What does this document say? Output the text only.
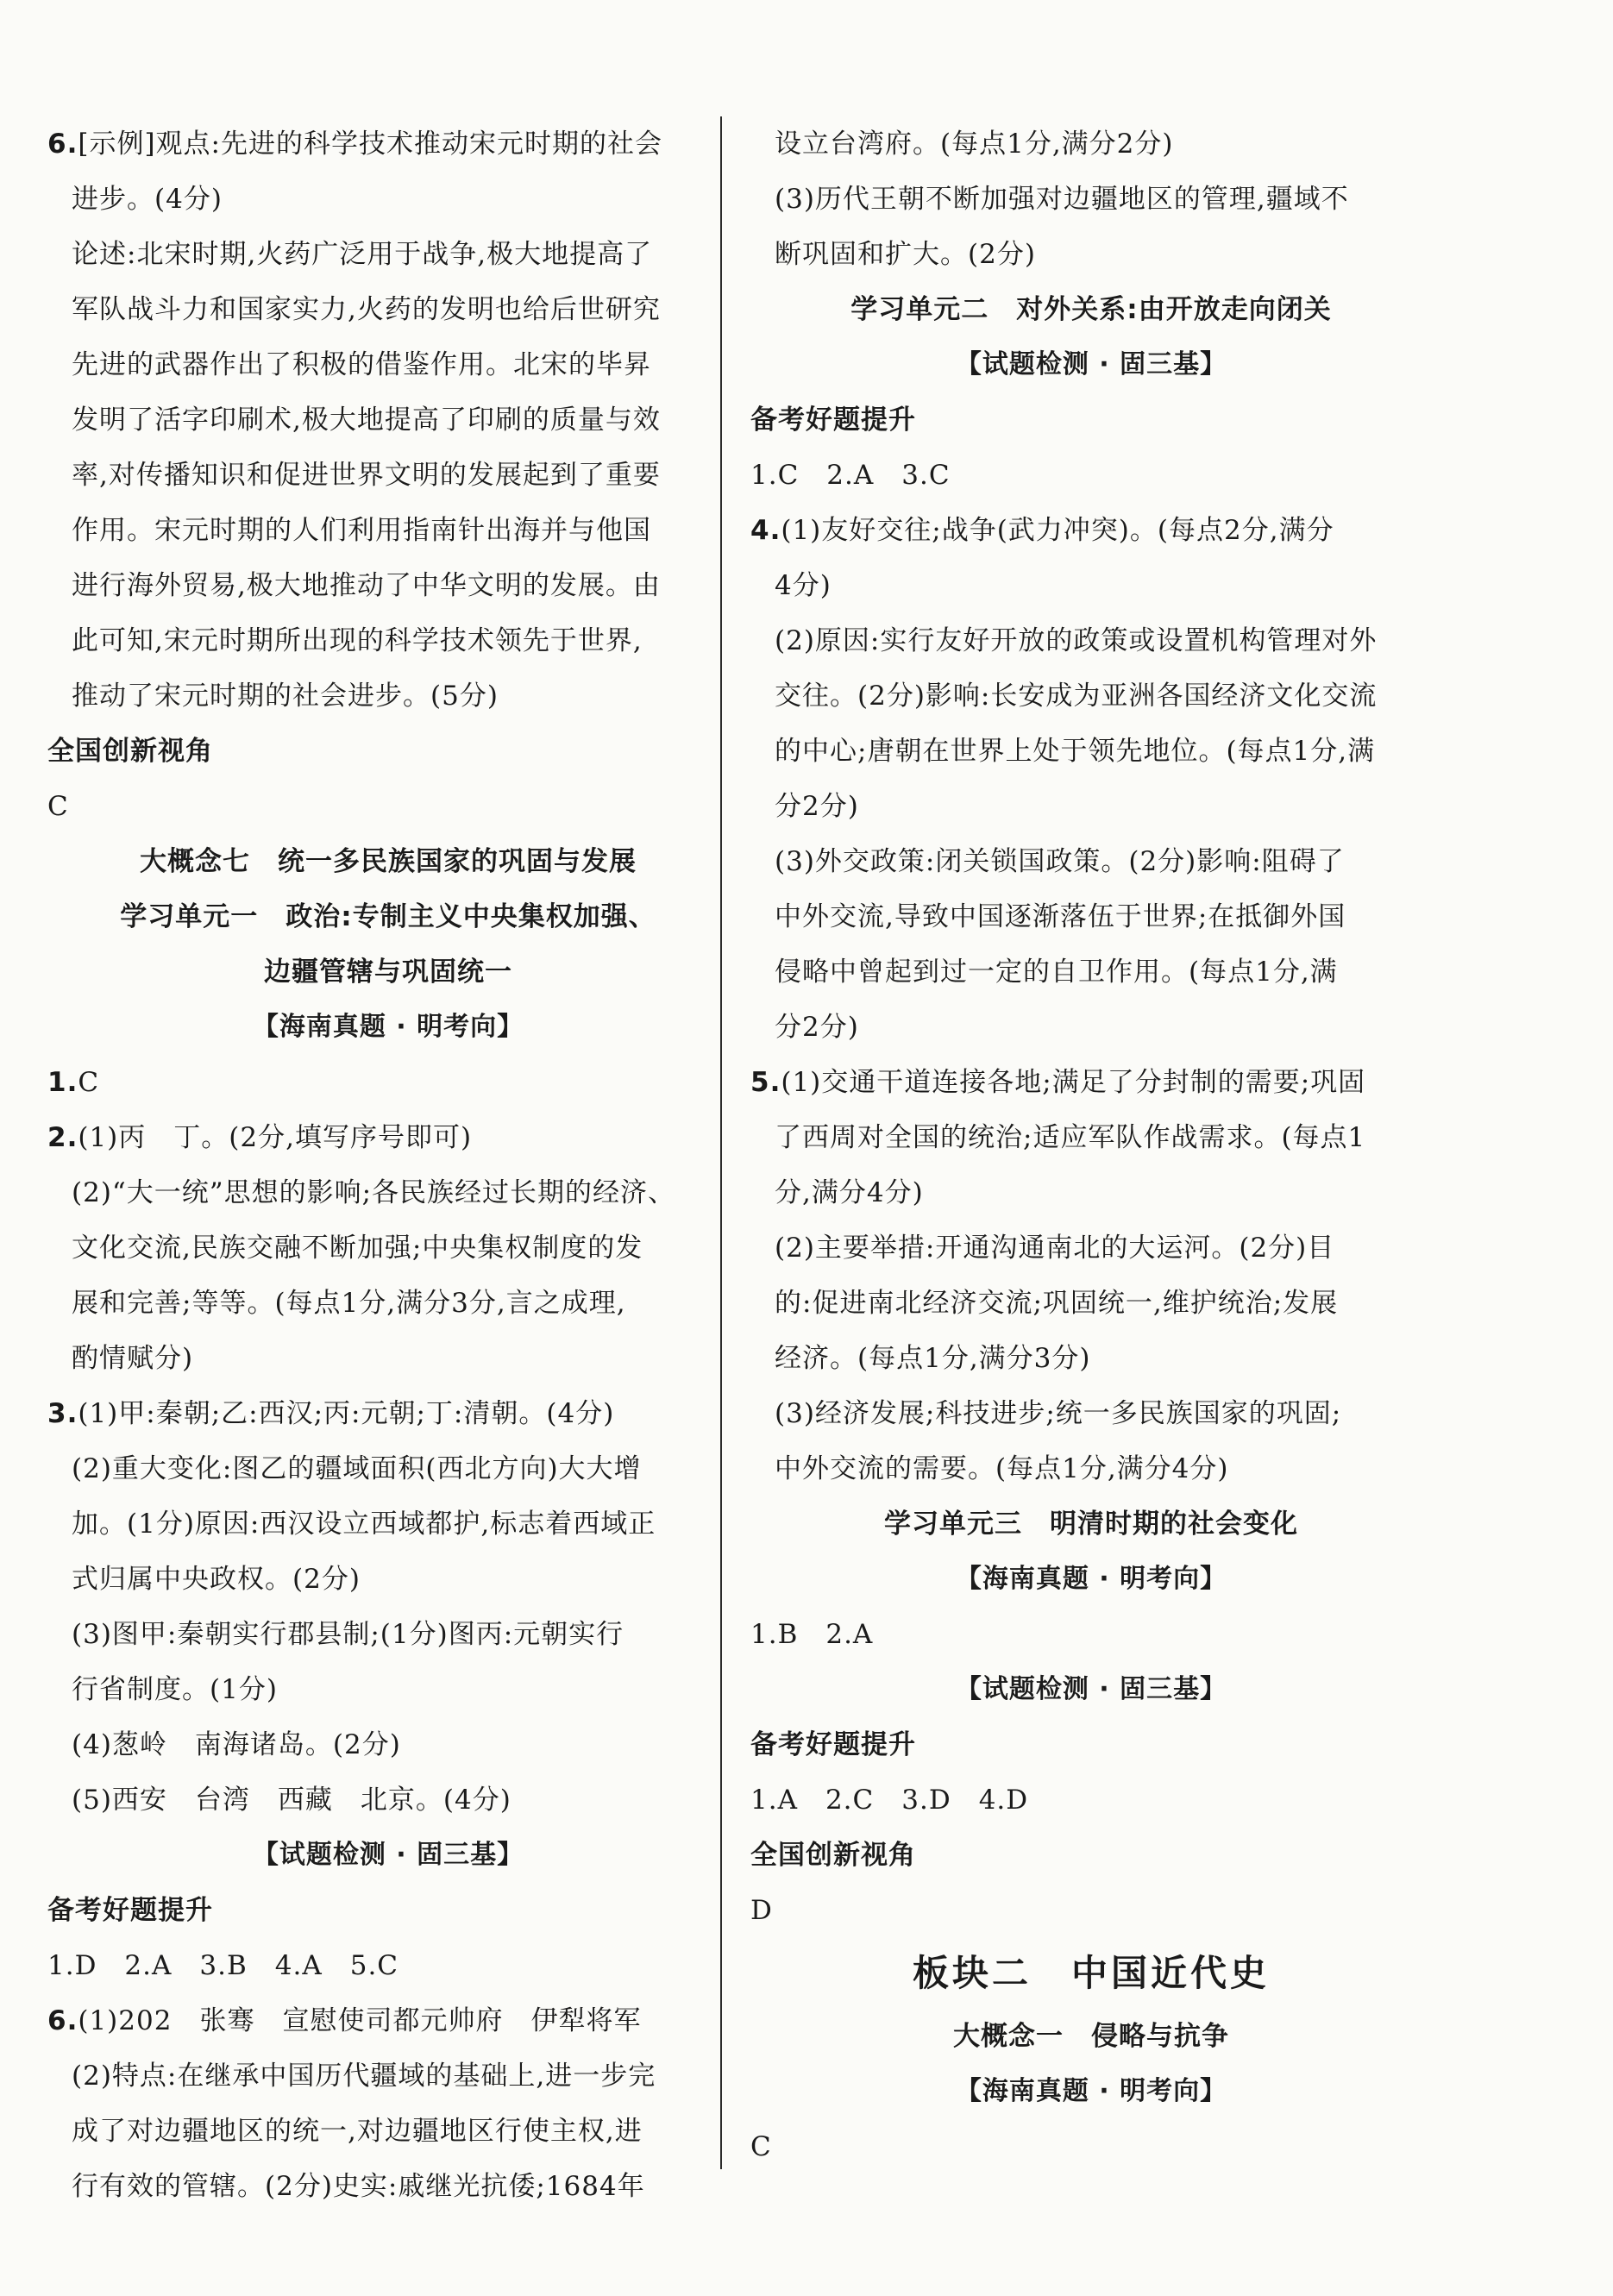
6.[示例]观点:先进的科学技术推动宋元时期的社会
进步。(4分)
论述:北宋时期,火药广泛用于战争,极大地提高了
军队战斗力和国家实力,火药的发明也给后世研究
先进的武器作出了积极的借鉴作用。北宋的毕昇
发明了活字印刷术,极大地提高了印刷的质量与效
率,对传播知识和促进世界文明的发展起到了重要
作用。宋元时期的人们利用指南针出海并与他国
进行海外贸易,极大地推动了中华文明的发展。由
此可知,宋元时期所出现的科学技术领先于世界,
推动了宋元时期的社会进步。(5分)
全国创新视角
C
大概念七　统一多民族国家的巩固与发展
学习单元一　政治:专制主义中央集权加强、
边疆管辖与巩固统一
【海南真题 · 明考向】
1.C
2.(1)丙　丁。(2分,填写序号即可)
(2)“大一统”思想的影响;各民族经过长期的经济、
文化交流,民族交融不断加强;中央集权制度的发
展和完善;等等。(每点1分,满分3分,言之成理,
酌情赋分)
3.(1)甲:秦朝;乙:西汉;丙:元朝;丁:清朝。(4分)
(2)重大变化:图乙的疆域面积(西北方向)大大增
加。(1分)原因:西汉设立西域都护,标志着西域正
式归属中央政权。(2分)
(3)图甲:秦朝实行郡县制;(1分)图丙:元朝实行
行省制度。(1分)
(4)葱岭　南海诸岛。(2分)
(5)西安　台湾　西藏　北京。(4分)
【试题检测 · 固三基】
备考好题提升
1.D　2.A　3.B　4.A　5.C
6.(1)202　张骞　宣慰使司都元帅府　伊犁将军
(2)特点:在继承中国历代疆域的基础上,进一步完
成了对边疆地区的统一,对边疆地区行使主权,进
行有效的管辖。(2分)史实:戚继光抗倭;1684年
设立台湾府。(每点1分,满分2分)
(3)历代王朝不断加强对边疆地区的管理,疆域不
断巩固和扩大。(2分)
学习单元二　对外关系:由开放走向闭关
【试题检测 · 固三基】
备考好题提升
1.C　2.A　3.C
4.(1)友好交往;战争(武力冲突)。(每点2分,满分
4分)
(2)原因:实行友好开放的政策或设置机构管理对外
交往。(2分)影响:长安成为亚洲各国经济文化交流
的中心;唐朝在世界上处于领先地位。(每点1分,满
分2分)
(3)外交政策:闭关锁国政策。(2分)影响:阻碍了
中外交流,导致中国逐渐落伍于世界;在抵御外国
侵略中曾起到过一定的自卫作用。(每点1分,满
分2分)
5.(1)交通干道连接各地;满足了分封制的需要;巩固
了西周对全国的统治;适应军队作战需求。(每点1
分,满分4分)
(2)主要举措:开通沟通南北的大运河。(2分)目
的:促进南北经济交流;巩固统一,维护统治;发展
经济。(每点1分,满分3分)
(3)经济发展;科技进步;统一多民族国家的巩固;
中外交流的需要。(每点1分,满分4分)
学习单元三　明清时期的社会变化
【海南真题 · 明考向】
1.B　2.A
【试题检测 · 固三基】
备考好题提升
1.A　2.C　3.D　4.D
全国创新视角
D
板块二　中国近代史
大概念一　侵略与抗争
【海南真题 · 明考向】
C
